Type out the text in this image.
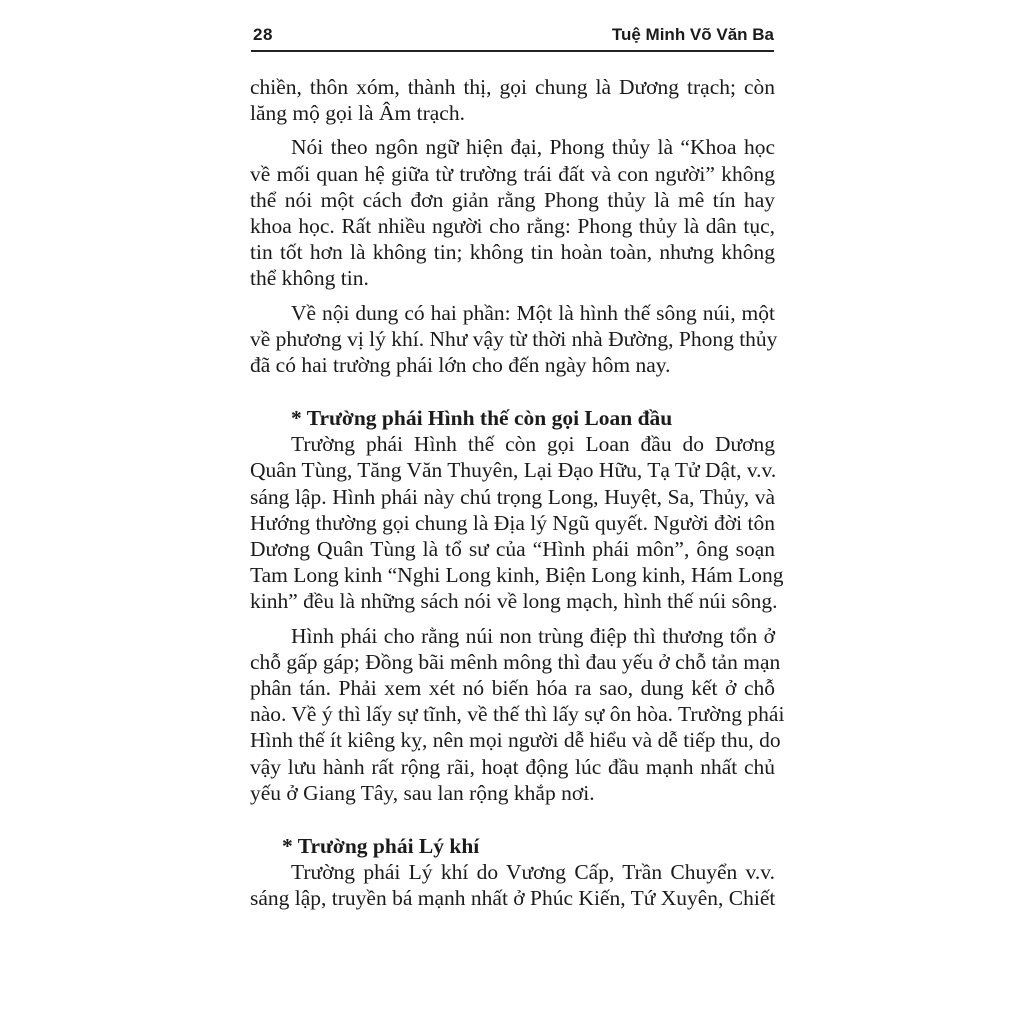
28	Tuệ Minh Võ Văn Ba
chiền, thôn xóm, thành thị, gọi chung là Dương trạch; còn
lăng mộ gọi là Âm trạch.
Nói theo ngôn ngữ hiện đại, Phong thủy là “Khoa học
về mối quan hệ giữa từ trường trái đất và con người” không
thể nói một cách đơn giản rằng Phong thủy là mê tín hay
khoa học. Rất nhiều người cho rằng: Phong thủy là dân tục,
tin tốt hơn là không tin; không tin hoàn toàn, nhưng không
thể không tin.
Về nội dung có hai phần: Một là hình thế sông núi, một
về phương vị lý khí. Như vậy từ thời nhà Đường, Phong thủy
đã có hai trường phái lớn cho đến ngày hôm nay.
* Trường phái Hình thế còn gọi Loan đầu
Trường phái Hình thế còn gọi Loan đầu do Dương
Quân Tùng, Tăng Văn Thuyên, Lại Đạo Hữu, Tạ Tử Dật, v.v.
sáng lập. Hình phái này chú trọng Long, Huyệt, Sa, Thủy, và
Hướng thường gọi chung là Địa lý Ngũ quyết. Người đời tôn
Dương Quân Tùng là tổ sư của “Hình phái môn”, ông soạn
Tam Long kinh “Nghi Long kinh, Biện Long kinh, Hám Long
kinh” đều là những sách nói về long mạch, hình thế núi sông.
Hình phái cho rằng núi non trùng điệp thì thương tổn ở
chỗ gấp gáp; Đồng bãi mênh mông thì đau yếu ở chỗ tản mạn
phân tán. Phải xem xét nó biến hóa ra sao, dung kết ở chỗ
nào. Về ý thì lấy sự tĩnh, về thế thì lấy sự ôn hòa. Trường phái
Hình thế ít kiêng kỵ, nên mọi người dễ hiểu và dễ tiếp thu, do
vậy lưu hành rất rộng rãi, hoạt động lúc đầu mạnh nhất chủ
yếu ở Giang Tây, sau lan rộng khắp nơi.
* Trường phái Lý khí
Trường phái Lý khí do Vương Cấp, Trần Chuyển v.v.
sáng lập, truyền bá mạnh nhất ở Phúc Kiến, Tứ Xuyên, Chiết
